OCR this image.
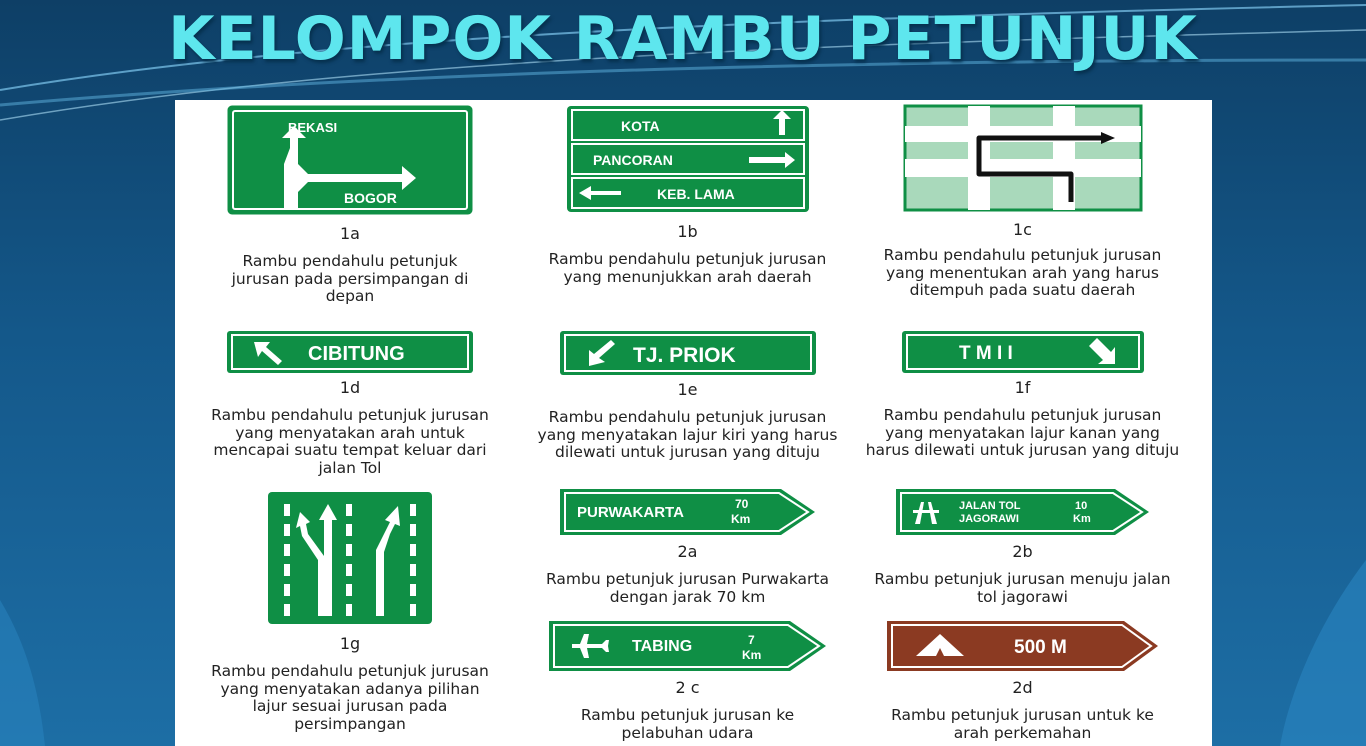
KELOMPOK RAMBU PETUNJUK
BEKASI
BOGOR
1a
Rambu pendahulu petunjuk jurusan pada persimpangan di depan
KOTA
PANCORAN
KEB. LAMA
1b
Rambu pendahulu petunjuk jurusan yang menunjukkan arah daerah
1c
Rambu pendahulu petunjuk jurusan yang menentukan arah yang harus ditempuh pada suatu daerah
CIBITUNG
1d
Rambu pendahulu petunjuk jurusan yang menyatakan arah untuk mencapai suatu tempat keluar dari jalan Tol
TJ. PRIOK
1e
Rambu pendahulu petunjuk jurusan yang menyatakan lajur kiri yang harus dilewati untuk jurusan yang dituju
T M I I
1f
Rambu pendahulu petunjuk jurusan yang menyatakan lajur kanan yang harus dilewati untuk jurusan yang dituju
1g
Rambu pendahulu petunjuk jurusan yang menyatakan adanya pilihan lajur sesuai jurusan pada persimpangan
PURWAKARTA	70
Km
2a
Rambu petunjuk jurusan Purwakarta dengan jarak 70 km
JALAN TOL
JAGORAWI
10
Km
2b
Rambu petunjuk jurusan menuju jalan tol jagorawi
TABING	7
Km
2 c
Rambu petunjuk jurusan ke pelabuhan udara
500 M
2d
Rambu petunjuk jurusan untuk ke arah perkemahan
